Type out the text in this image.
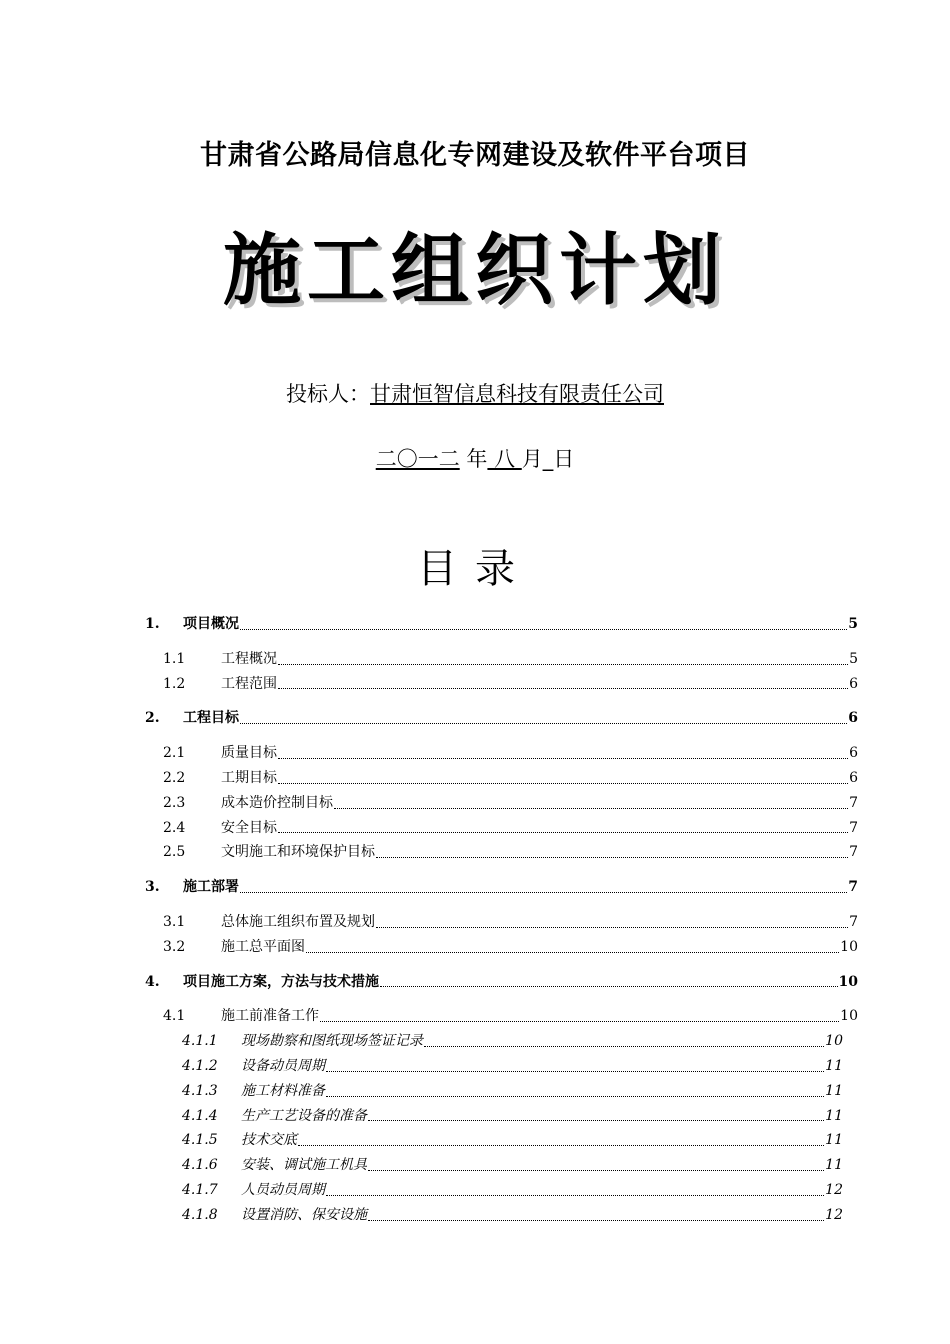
甘肃省公路局信息化专网建设及软件平台项目
施工组织计划
投标人：甘肃恒智信息科技有限责任公司
二〇一二 年 八 月_日
目录
1.	项目概况	5
1.1	工程概况	5
1.2	工程范围	6
2.	工程目标	6
2.1	质量目标	6
2.2	工期目标	6
2.3	成本造价控制目标	7
2.4	安全目标	7
2.5	文明施工和环境保护目标	7
3.	施工部署	7
3.1	总体施工组织布置及规划	7
3.2	施工总平面图	10
4.	项目施工方案，方法与技术措施	10
4.1	施工前准备工作	10
4.1.1	现场勘察和图纸现场签证记录	10
4.1.2	设备动员周期	11
4.1.3	施工材料准备	11
4.1.4	生产工艺设备的准备	11
4.1.5	技术交底	11
4.1.6	安装、调试施工机具	11
4.1.7	人员动员周期	12
4.1.8	设置消防、保安设施	12
